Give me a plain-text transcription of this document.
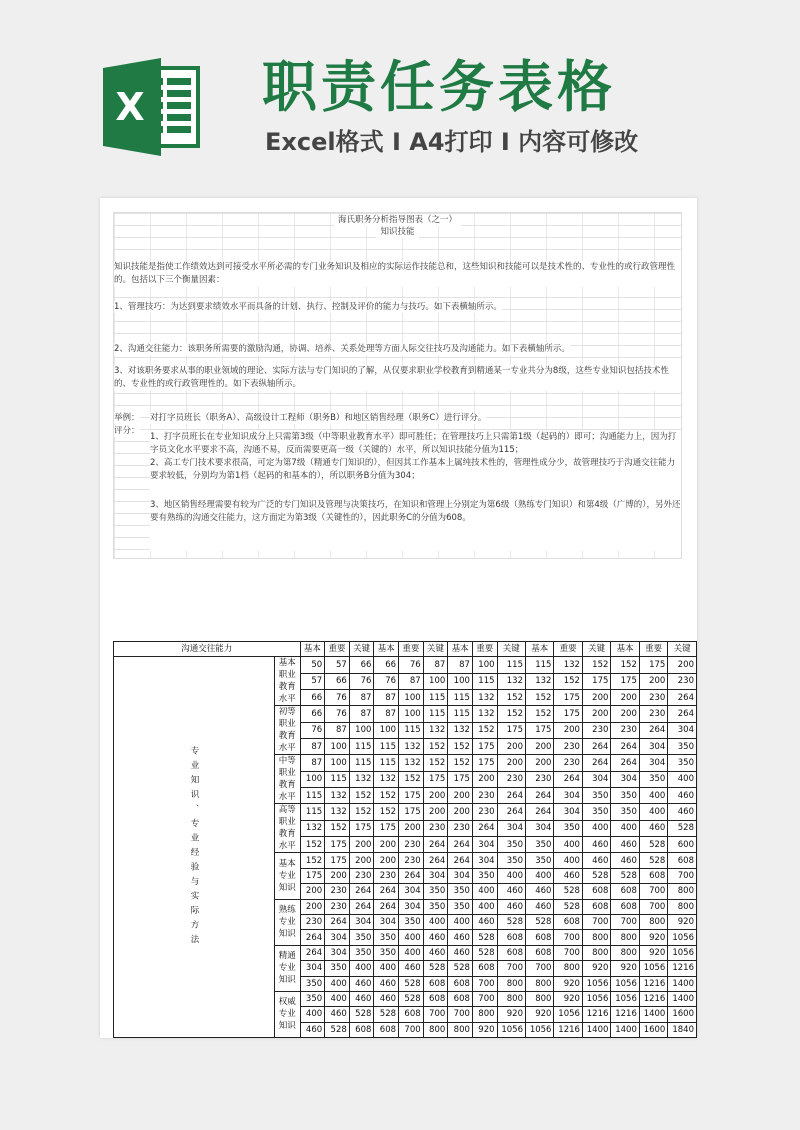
X 职责任务表格
Excel格式 I A4打印 I 内容可修改
海氏职务分析指导图表（之一）
知识技能
知识技能是指使工作绩效达到可接受水平所必需的专门业务知识及相应的实际运作技能总和，这些知识和技能可以是技术性的、专业性的或行政管理性的。包括以下三个衡量因素：
1、管理技巧：为达到要求绩效水平而具备的计划、执行、控制及评价的能力与技巧。如下表横轴所示。
2、沟通交往能力：该职务所需要的激励沟通，协调、培养、关系处理等方面人际交往技巧及沟通能力。如下表横轴所示。
3、对该职务要求从事的职业领域的理论、实际方法与专门知识的了解，从仅要求职业学校教育到精通某一专业共分为8级，这些专业知识包括技术性的、专业性的或行政管理性的。如下表纵轴所示。
举例： 对打字员班长（职务A）、高级设计工程师（职务B）和地区销售经理（职务C）进行评分。
评分：
1、打字员班长在专业知识成分上只需第3级（中等职业教育水平）即可胜任；在管理技巧上只需第1级（起码的）即可；沟通能力上，因为打字员文化水平要求不高，沟通不易，反而需要更高一级（关键的）水平，所以知识技能分值为115；
2、高工专门技术要求很高，可定为第7级（精通专门知识的），但因其工作基本上属纯技术性的，管理性成分少，故管理技巧于沟通交往能力要求较低，分别均为第1档（起码的和基本的），所以职务B分值为304；
3、地区销售经理需要有较为广泛的专门知识及管理与决策技巧，在知识和管理上分别定为第6级（熟练专门知识）和第4级（广博的），另外还要有熟练的沟通交往能力，这方面定为第3级（关键性的），因此职务C的分值为608。
沟通交往能力		基本	重要	关键	基本	重要	关键	基本	重要	关键	基本	重要	关键	基本	重要	关键
专业知识、专业经验与实际方法	基本职业教育水平	50	57	66	66	76	87	87	100	115	115	132	152	152	175	200
		57	66	76	76	87	100	100	115	132	132	152	175	175	200	230
		66	76	87	87	100	115	115	132	152	152	175	200	200	230	264
	初等职业教育水平	66	76	87	87	100	115	115	132	152	152	175	200	200	230	264
		76	87	100	100	115	132	132	152	175	175	200	230	230	264	304
		87	100	115	115	132	152	152	175	200	200	230	264	264	304	350
	中等职业教育水平	87	100	115	115	132	152	152	175	200	200	230	264	264	304	350
		100	115	132	132	152	175	175	200	230	230	264	304	304	350	400
		115	132	152	152	175	200	200	230	264	264	304	350	350	400	460
	高等职业教育水平	115	132	152	152	175	200	200	230	264	264	304	350	350	400	460
		132	152	175	175	200	230	230	264	304	304	350	400	400	460	528
		152	175	200	200	230	264	264	304	350	350	400	460	460	528	600
	基本专业知识	152	175	200	200	230	264	264	304	350	350	400	460	460	528	608
		175	200	230	230	264	304	304	350	400	400	460	528	528	608	700
		200	230	264	264	304	350	350	400	460	460	528	608	608	700	800
	熟练专业知识	200	230	264	264	304	350	350	400	460	460	528	608	608	700	800
		230	264	304	304	350	400	400	460	528	528	608	700	700	800	920
		264	304	350	350	400	460	460	528	608	608	700	800	800	920	1056
	精通专业知识	264	304	350	350	400	460	460	528	608	608	700	800	800	920	1056
		304	350	400	400	460	528	528	608	700	700	800	920	920	1056	1216
		350	400	460	460	528	608	608	700	800	800	920	1056	1056	1216	1400
	权威专业知识	350	400	460	460	528	608	608	700	800	800	920	1056	1056	1216	1400
		400	460	528	528	608	700	700	800	920	920	1056	1216	1216	1400	1600
		460	528	608	608	700	800	800	920	1056	1056	1216	1400	1400	1600	1840
